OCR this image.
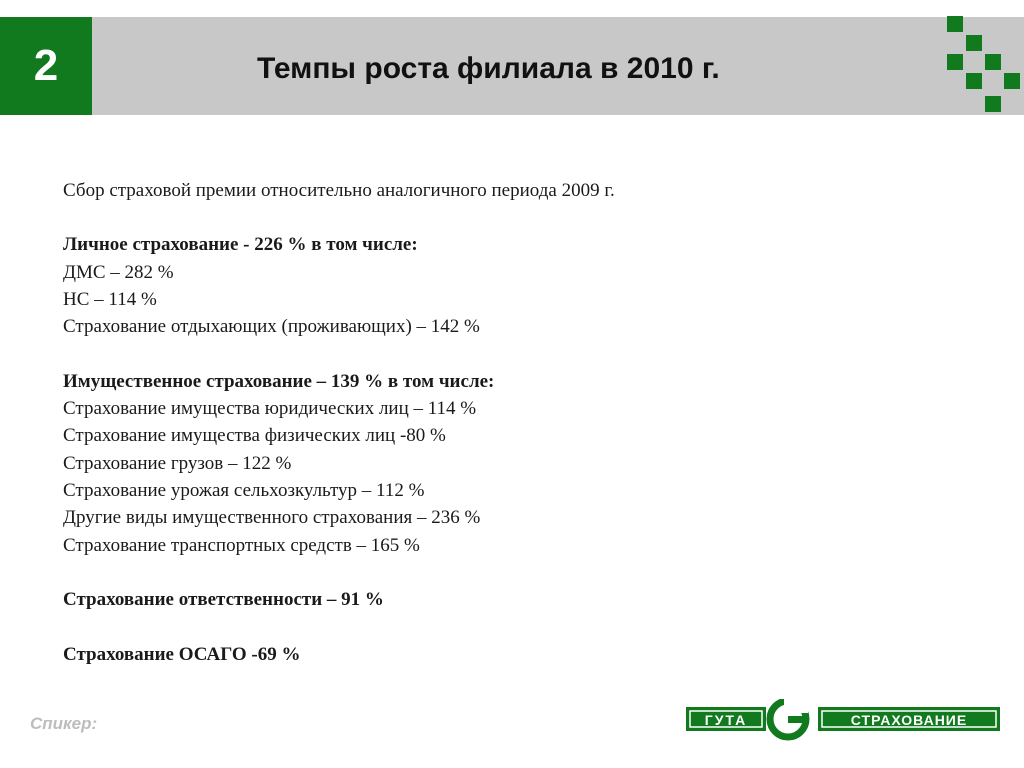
2	Темпы роста филиала в 2010 г.
Сбор страховой премии относительно аналогичного периода 2009 г.
Личное страхование - 226 % в том числе:
ДМС – 282 %
НС – 114 %
Страхование отдыхающих (проживающих) – 142 %
Имущественное страхование – 139 % в том числе:
Страхование имущества юридических лиц – 114 %
Страхование имущества физических лиц -80 %
Страхование грузов – 122 %
Страхование урожая сельхозкультур – 112 %
Другие виды имущественного страхования – 236 %
Страхование транспортных средств – 165 %
Страхование ответственности – 91 %
Страхование ОСАГО -69 %
Спикер:	ГУТА	СТРАХОВАНИЕ
